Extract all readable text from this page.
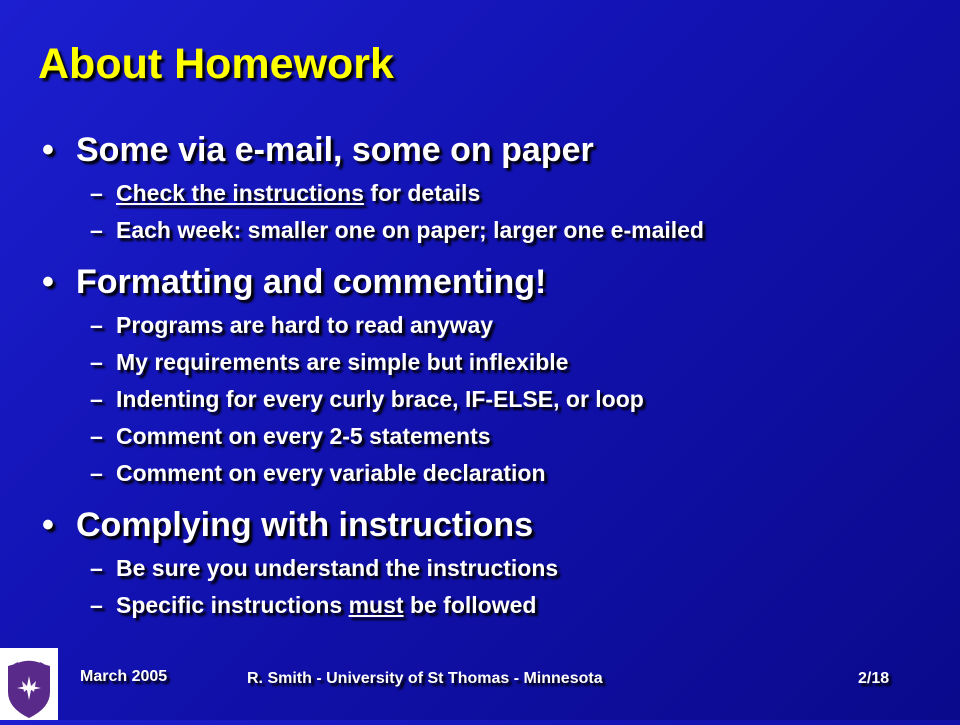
About Homework
• Some via e-mail, some on paper
– Check the instructions for details
– Each week: smaller one on paper; larger one e-mailed
• Formatting and commenting!
– Programs are hard to read anyway
– My requirements are simple but inflexible
– Indenting for every curly brace, IF-ELSE, or loop
– Comment on every 2-5 statements
– Comment on every variable declaration
• Complying with instructions
– Be sure you understand the instructions
– Specific instructions must be followed
March 2005	R. Smith - University of St Thomas - Minnesota	2/18
